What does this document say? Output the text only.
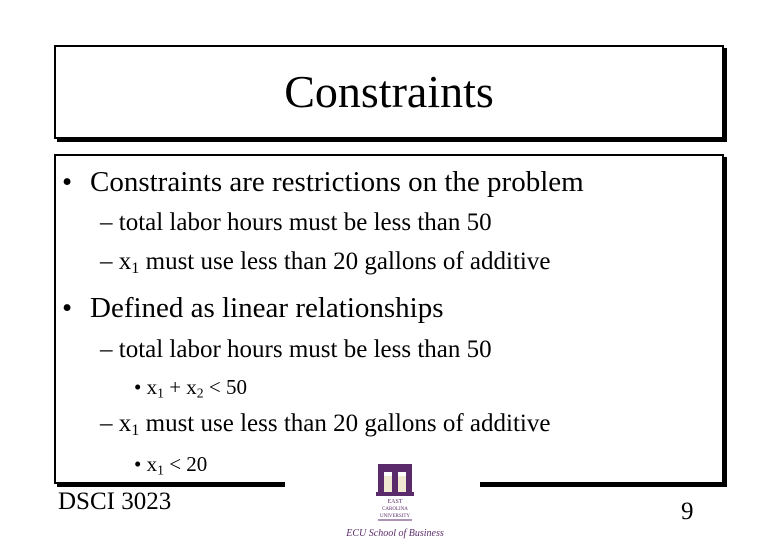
Constraints
• Constraints are restrictions on the problem
– total labor hours must be less than 50
– $x_1$ must use less than 20 gallons of additive
• Defined as linear relationships
– total labor hours must be less than 50
• $x_1 + x_2 < 50$
– $x_1$ must use less than 20 gallons of additive
• $x_1 < 20$
DSCI 3023	9
EAST
CAROLINA
UNIVERSITY
ECU School of Business
